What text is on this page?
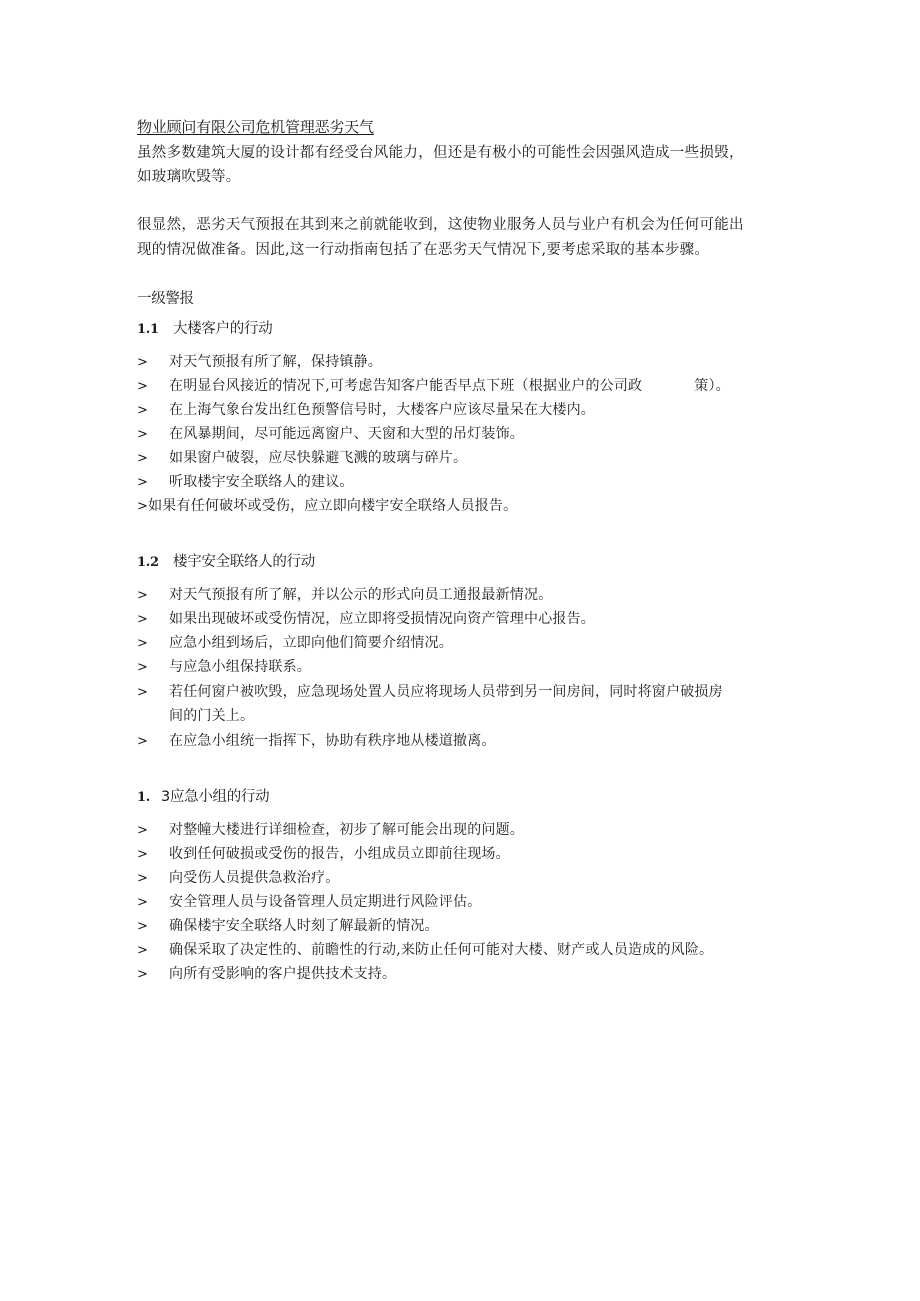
物业顾问有限公司危机管理恶劣天气
虽然多数建筑大厦的设计都有经受台风能力，但还是有极小的可能性会因强风造成一些损毁，
如玻璃吹毁等。
很显然，恶劣天气预报在其到来之前就能收到，这使物业服务人员与业户有机会为任何可能出
现的情况做准备。因此,这一行动指南包括了在恶劣天气情况下,要考虑采取的基本步骤。
一级警报
1.1 大楼客户的行动
> 对天气预报有所了解，保持镇静。
> 在明显台风接近的情况下,可考虑告知客户能否早点下班（根据业户的公司政	策）。
> 在上海气象台发出红色预警信号时，大楼客户应该尽量呆在大楼内。
> 在风暴期间，尽可能远离窗户、天窗和大型的吊灯装饰。
> 如果窗户破裂，应尽快躲避飞溅的玻璃与碎片。
> 听取楼宇安全联络人的建议。
>如果有任何破坏或受伤，应立即向楼宇安全联络人员报告。
1.2 楼宇安全联络人的行动
> 对天气预报有所了解，并以公示的形式向员工通报最新情况。
> 如果出现破坏或受伤情况，应立即将受损情况向资产管理中心报告。
> 应急小组到场后，立即向他们简要介绍情况。
> 与应急小组保持联系。
> 若任何窗户被吹毁，应急现场处置人员应将现场人员带到另一间房间，同时将窗户破损房
间的门关上。
> 在应急小组统一指挥下，协助有秩序地从楼道撤离。
1. 3应急小组的行动
> 对整幢大楼进行详细检查，初步了解可能会出现的问题。
> 收到任何破损或受伤的报告，小组成员立即前往现场。
> 向受伤人员提供急救治疗。
> 安全管理人员与设备管理人员定期进行风险评估。
> 确保楼宇安全联络人时刻了解最新的情况。
> 确保采取了决定性的、前瞻性的行动,来防止任何可能对大楼、财产或人员造成的风险。
> 向所有受影响的客户提供技术支持。
